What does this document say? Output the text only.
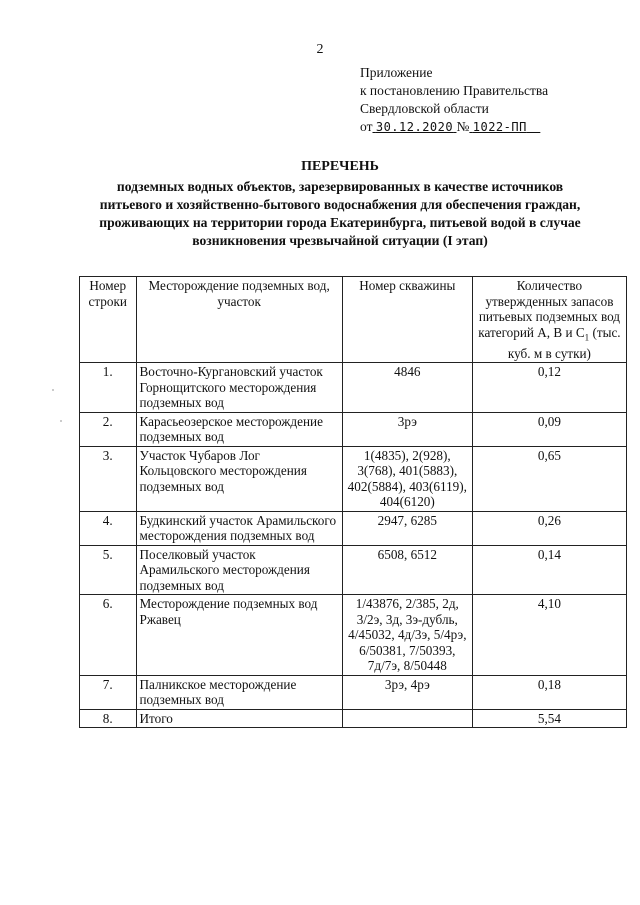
2
Приложение
к постановлению Правительства
Свердловской области
от 30.12.2020 № 1022-ПП
ПЕРЕЧЕНЬ
подземных водных объектов, зарезервированных в качестве источников
питьевого и хозяйственно-бытового водоснабжения для обеспечения граждан,
проживающих на территории города Екатеринбурга, питьевой водой в случае
возникновения чрезвычайной ситуации (I этап)
Номер строки	Месторождение подземных вод, участок	Номер скважины	Количество утвержденных запасов питьевых подземных вод категорий А, В и $С_1$ (тыс. куб. м в сутки)
1.	Восточно-Кургановский участок Горнощитского месторождения подземных вод	4846	0,12
2.	Карасьеозерское месторождение подземных вод	3рэ	0,09
3.	Участок Чубаров Лог Кольцовского месторождения подземных вод	1(4835), 2(928), 3(768), 401(5883), 402(5884), 403(6119), 404(6120)	0,65
4.	Будкинский участок Арамильского месторождения подземных вод	2947, 6285	0,26
5.	Поселковый участок Арамильского месторождения подземных вод	6508, 6512	0,14
6.	Месторождение подземных вод Ржавец	1/43876, 2/385, 2д, 3/2э, 3д, 3э-дубль, 4/45032, 4д/3э, 5/4рэ, 6/50381, 7/50393, 7д/7э, 8/50448	4,10
7.	Палникское месторождение подземных вод	3рэ, 4рэ	0,18
8.	Итого		5,54
